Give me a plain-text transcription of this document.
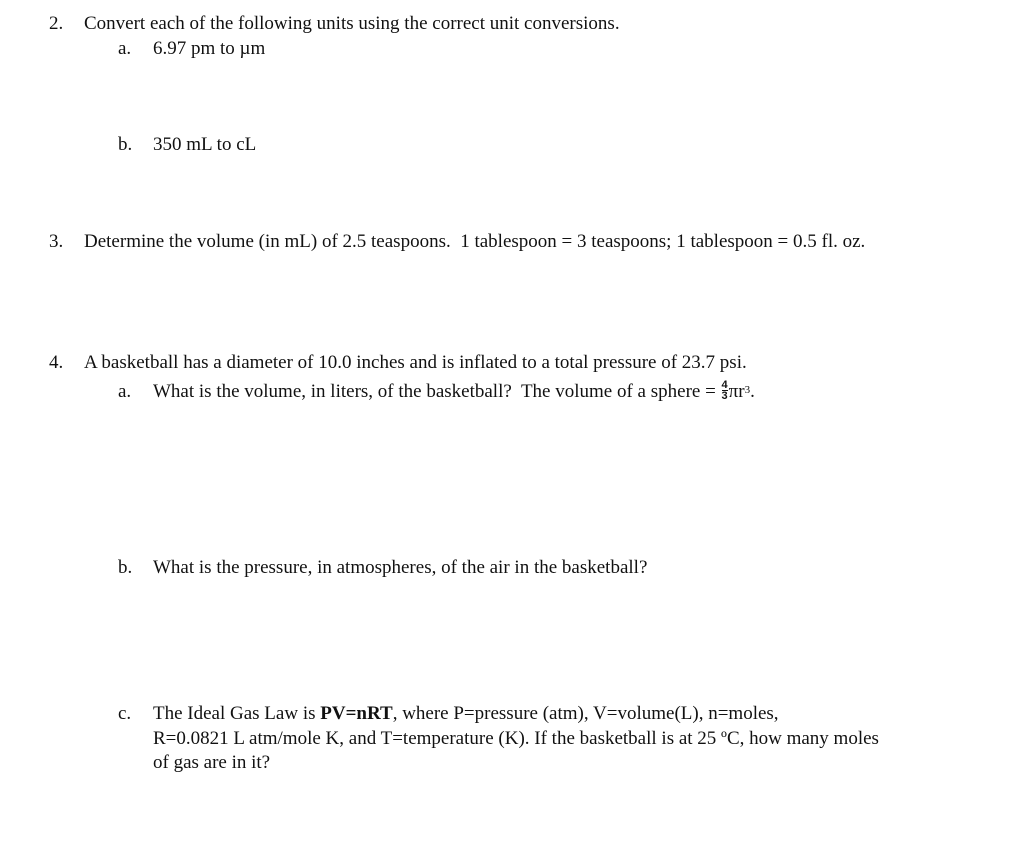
2. Convert each of the following units using the correct unit conversions.
a. 6.97 pm to µm
b. 350 mL to cL
3. Determine the volume (in mL) of 2.5 teaspoons.  1 tablespoon = 3 teaspoons; 1 tablespoon = 0.5 fl. oz.
4. A basketball has a diameter of 10.0 inches and is inflated to a total pressure of 23.7 psi.
a. What is the volume, in liters, of the basketball?  The volume of a sphere = $\frac{4}{3} \pi r^3$.
b. What is the pressure, in atmospheres, of the air in the basketball?
c. The Ideal Gas Law is PV=nRT, where P=pressure (atm), V=volume(L), n=moles,
R=0.0821 L atm/mole K, and T=temperature (K). If the basketball is at 25 ºC, how many moles
of gas are in it?
